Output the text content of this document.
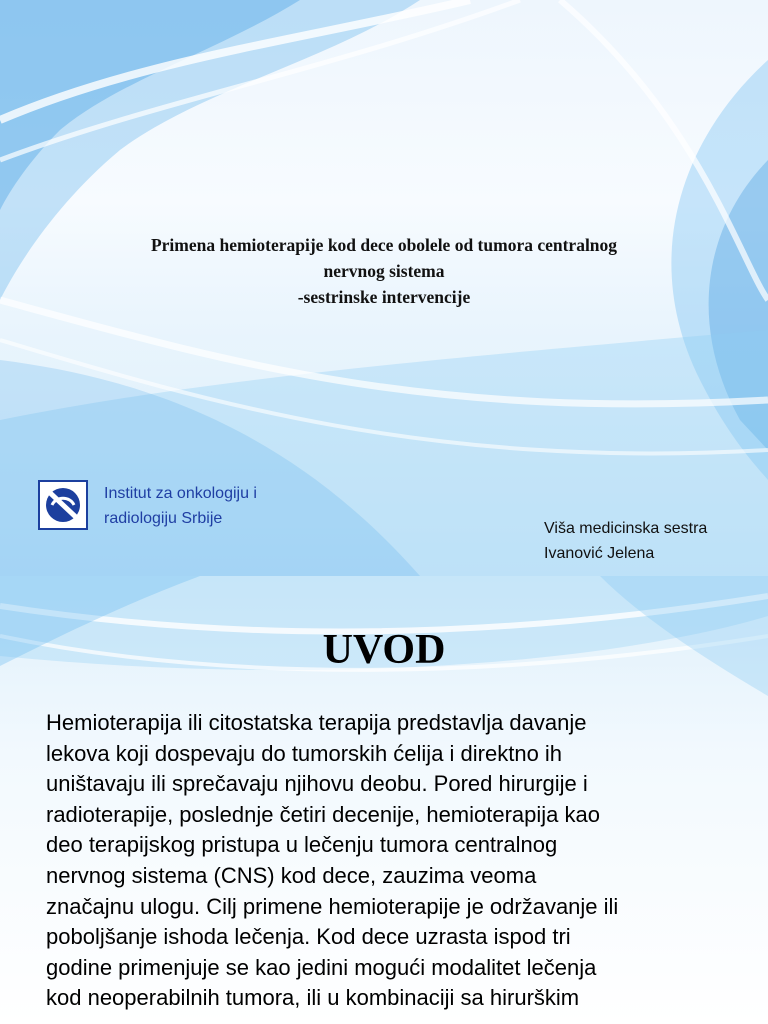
Primena hemioterapije kod dece obolele od tumora centralnog
nervnog sistema
-sestrinske intervencije
Institut za onkologiju i
radiologiju Srbije
Viša medicinska sestra
Ivanović Jelena
UVOD
Hemioterapija ili citostatska terapija predstavlja davanje
lekova koji dospevaju do tumorskih ćelija i direktno ih
uništavaju ili sprečavaju njihovu deobu. Pored hirurgije i
radioterapije, poslednje četiri decenije, hemioterapija kao
deo terapijskog pristupa u lečenju tumora centralnog
nervnog sistema (CNS) kod dece, zauzima veoma
značajnu ulogu. Cilj primene hemioterapije je održavanje ili
poboljšanje ishoda lečenja. Kod dece uzrasta ispod tri
godine primenjuje se kao jedini mogući modalitet lečenja
kod neoperabilnih tumora, ili u kombinaciji sa hirurškim
